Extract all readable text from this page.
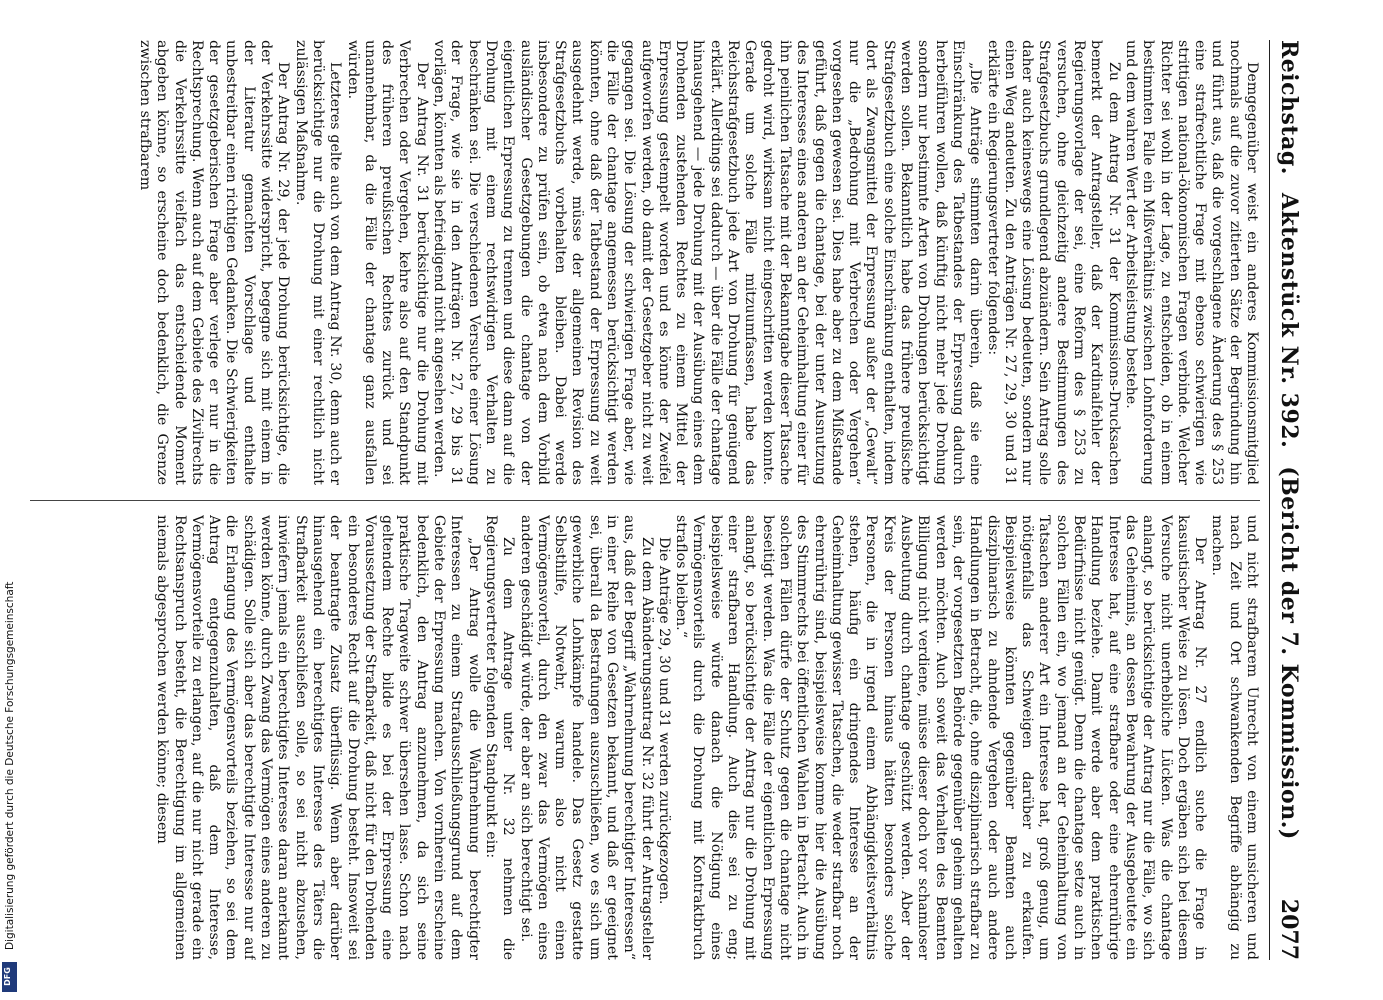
Reichstag.Aktenstück Nr. 392.(Bericht der 7. Kommission.)
2077

Demgegenüber weist ein anderes Kommissionsmitglied nochmals auf die zuvor zitierten Sätze der Begründung hin und führt aus, daß die vorgeschlagene Änderung des § 253 eine strafrechtliche Frage mit ebenso schwierigen wie strittigen national-ökonomischen Fragen verbinde. Welcher Richter sei wohl in der Lage, zu entscheiden, ob in einem bestimmten Falle ein Mißverhältnis zwischen Lohnforderung und dem wahren Wert der Arbeitsleistung bestehe.

Zu dem Antrag Nr. 31 der Kommissions-Drucksachen bemerkt der Antragsteller, daß der Kardinalfehler der Regierungsvorlage der sei, eine Reform des § 253 zu versuchen, ohne gleichzeitig andere Bestimmungen des Strafgesetzbuchs grundlegend abzuändern. Sein Antrag solle daher auch keineswegs eine Lösung bedeuten, sondern nur einen Weg andeuten. Zu den Anträgen Nr. 27, 29, 30 und 31 erklärte ein Regierungsvertreter folgendes:

„Die Anträge stimmten darin überein, daß sie eine Einschränkung des Tatbestandes der Erpressung dadurch herbeiführen wollen, daß künftig nicht mehr jede Drohung sondern nur bestimmte Arten von Drohungen berücksichtigt werden sollen. Bekanntlich habe das frühere preußische Strafgesetzbuch eine solche Einschränkung enthalten, indem dort als Zwangsmittel der Erpressung außer der „Gewalt“ nur die „Bedrohung mit Verbrechen oder Vergehen“ vorgesehen gewesen sei. Dies habe aber zu dem Mißstande geführt, daß gegen die chantage, bei der unter Ausnutzung des Interesses eines anderen an der Geheimhaltung einer für ihn peinlichen Tatsache mit der Bekanntgabe dieser Tatsache gedroht wird, wirksam nicht eingeschritten werden konnte. Gerade um solche Fälle mitzuumfassen, habe das Reichsstrafgesetzbuch jede Art von Drohung für genügend erklärt. Allerdings sei dadurch — über die Fälle der chantage hinausgehend — jede Drohung mit der Ausübung eines dem Drohenden zustehenden Rechtes zu einem Mittel der Erpressung gestempelt worden und es könne der Zweifel aufgeworfen werden, ob damit der Gesetzgeber nicht zu weit gegangen sei. Die Lösung der schwierigen Frage aber, wie die Fälle der chantage angemessen berücksichtigt werden könnten, ohne daß der Tatbestand der Erpressung zu weit ausgedehnt werde, müsse der allgemeinen Revision des Strafgesetzbuchs vorbehalten bleiben. Dabei werde insbesondere zu prüfen sein, ob etwa nach dem Vorbild ausländischer Gesetzgebungen die chantage von der eigentlichen Erpressung zu trennen und diese dann auf die Drohung mit einem rechtswidrigen Verhalten zu beschränken sei. Die verschiedenen Versuche einer Lösung der Frage, wie sie in den Anträgen Nr. 27, 29 bis 31 vorlägen, könnten als befriedigend nicht angesehen werden.

Der Antrag Nr. 31 berücksichtige nur die Drohung mit Verbrechen oder Vergehen, kehre also auf den Standpunkt des früheren preußischen Rechtes zurück und sei unannehmbar, da die Fälle der chantage ganz ausfallen würden.

Letzteres gelte auch von dem Antrag Nr. 30, denn auch er berücksichtige nur die Drohung mit einer rechtlich nicht zulässigen Maßnahme.

Der Antrag Nr. 29, der jede Drohung berücksichtige, die der Verkehrssitte widerspricht, begegne sich mit einem in der Literatur gemachten Vorschlage und enthalte unbestreitbar einen richtigen Gedanken. Die Schwierigkeiten der gesetzgeberischen Frage aber verlege er nur in die Rechtsprechung. Wenn auch auf dem Gebiete des Zivilrechts die Verkehrssitte vielfach das entscheidende Moment abgeben könne, so erscheine doch bedenklich, die Grenze zwischen strafbarem

und nicht strafbarem Unrecht von einem unsicheren und nach Zeit und Ort schwankenden Begriffe abhängig zu machen.

Der Antrag Nr. 27 endlich suche die Frage in kasuistischer Weise zu lösen. Doch ergäben sich bei diesem Versuche nicht unerhebliche Lücken. Was die chantage anlangt, so berücksichtige der Antrag nur die Fälle, wo sich das Geheimnis, an dessen Bewahrung der Ausgebeutete ein Interesse hat, auf eine strafbare oder eine ehrenrührige Handlung beziehe. Damit werde aber dem praktischen Bedürfnisse nicht genügt. Denn die chantage setze auch in solchen Fällen ein, wo jemand an der Geheimhaltung von Tatsachen anderer Art ein Interesse hat, groß genug, um nötigenfalls das Schweigen darüber zu erkaufen. Beispielsweise könnten gegenüber Beamten auch disziplinarisch zu ahndende Vergehen oder auch andere Handlungen in Betracht, die, ohne disziplinarisch strafbar zu sein, der vorgesetzten Behörde gegenüber geheim gehalten werden möchten. Auch soweit das Verhalten des Beamten Billigung nicht verdiene, müsse dieser doch vor schamloser Ausbeutung durch chantage geschützt werden. Aber der Kreis der Personen hinaus hätten besonders solche Personen, die in irgend einem Abhängigkeitsverhältnis stehen, häufig ein dringendes Interesse an der Geheimhaltung gewisser Tatsachen, die weder strafbar noch ehrenrührig sind, beispielsweise komme hier die Ausübung des Stimmrechts bei öffentlichen Wahlen in Betracht. Auch in solchen Fällen dürfe der Schutz gegen die chantage nicht beseitigt werden. Was die Fälle der eigentlichen Erpressung anlangt, so berücksichtige der Antrag nur die Drohung mit einer strafbaren Handlung. Auch dies sei zu eng; beispielsweise würde danach die Nötigung eines Vermögensvorteils durch die Drohung mit Kontraktbruch straflos bleiben.“

Die Anträge 29, 30 und 31 werden zurückgezogen.

Zu dem Abänderungsantrag Nr. 32 führt der Antragsteller aus, daß der Begriff „Wahrnehmung berechtigter Interessen“ in einer Reihe von Gesetzen bekannt, und daß er geeignet sei, überall da Bestrafungen auszuschließen, wo es sich um gewerbliche Lohnkämpfe handele. Das Gesetz gestatte Selbsthilfe, Notwehr, warum also nicht einen Vermögensvorteil, durch den zwar das Vermögen eines anderen geschädigt würde, der aber an sich berechtigt sei.

Zu dem Antrage unter Nr. 32 nehmen die Regierungsvertreter folgenden Standpunkt ein:

„Der Antrag wolle die Wahrnehmung berechtigter Interessen zu einem Strafausschließungsgrund auf dem Gebiete der Erpressung machen. Von vornherein erscheine bedenklich, den Antrag anzunehmen, da sich seine praktische Tragweite schwer übersehen lasse. Schon nach geltendem Rechte bilde es bei der Erpressung eine Voraussetzung der Strafbarkeit, daß nicht für den Drohenden ein besonderes Recht auf die Drohung besteht. Insoweit sei der beantragte Zusatz überflüssig. Wenn aber darüber hinausgehend ein berechtigtes Interesse des Täters die Strafbarkeit ausschließen solle, so sei nicht abzusehen, inwiefern jemals ein berechtigtes Interesse daran anerkannt werden könne, durch Zwang das Vermögen eines anderen zu schädigen. Solle sich aber das berechtigte Interesse nur auf die Erlangung des Vermögensvorteils beziehen, so sei dem Antrag entgegenzuhalten, daß dem Interesse, Vermögensvorteile zu erlangen, auf die nur nicht gerade ein Rechtsanspruch besteht, die Berechtigung im allgemeinen niemals abgesprochen werden könne; diesem

Digitalisierung gefördert durch die Deutsche Forschungsgemeinschaft
DFG
